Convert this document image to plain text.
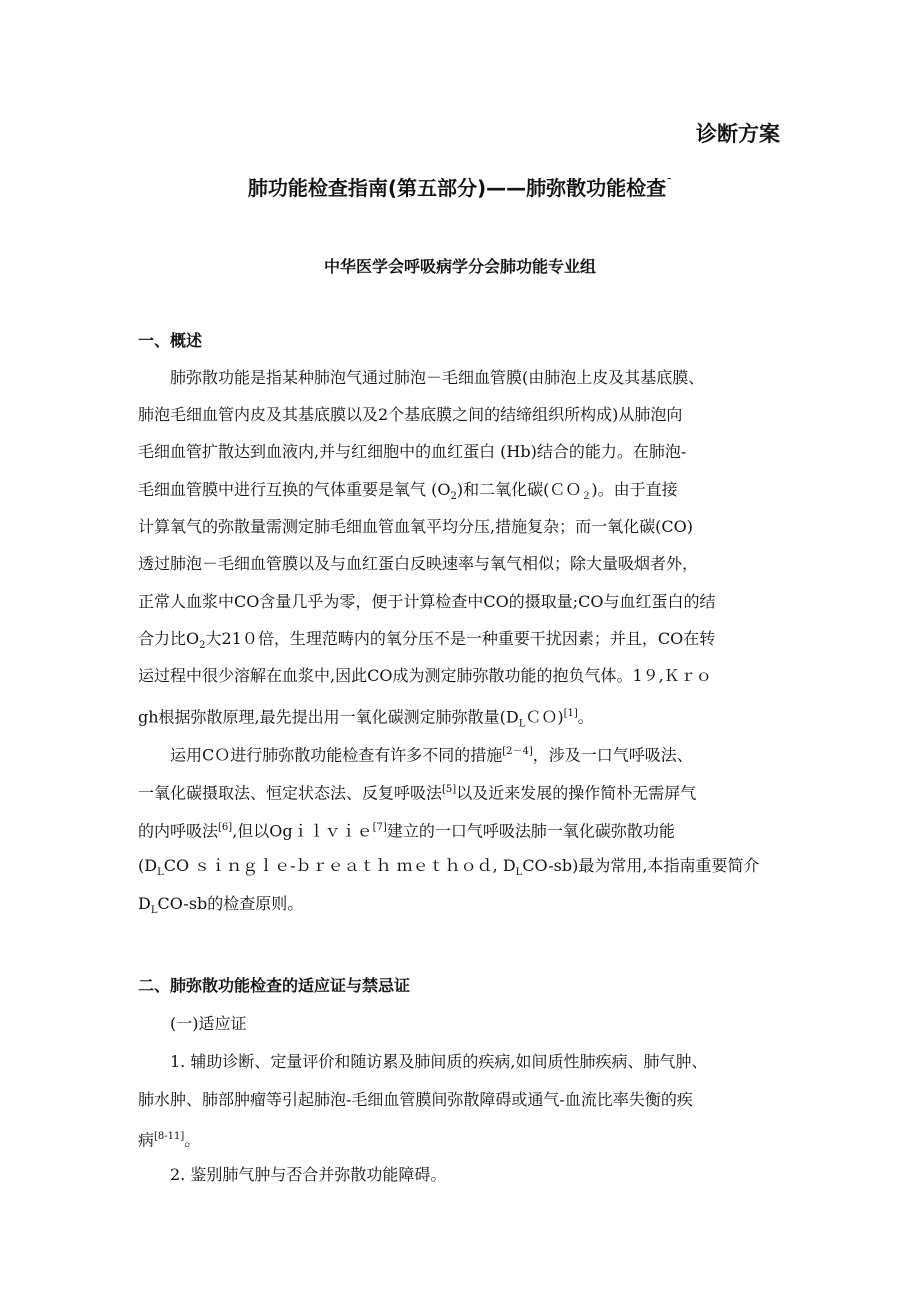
诊断方案
肺功能检查指南(第五部分)——肺弥散功能检查¯
中华医学会呼吸病学分会肺功能专业组
一、概述
肺弥散功能是指某种肺泡气通过肺泡－毛细血管膜(由肺泡上皮及其基底膜、
肺泡毛细血管内皮及其基底膜以及2个基底膜之间的结缔组织所构成)从肺泡向
毛细血管扩散达到血液内,并与红细胞中的血红蛋白 (Hb)结合的能力。在肺泡-
毛细血管膜中进行互换的气体重要是氧气 $(O_2)$和二氧化碳(ＣＯ$_2$)。由于直接
计算氧气的弥散量需测定肺毛细血管血氧平均分压,措施复杂；而一氧化碳(CO)
透过肺泡－毛细血管膜以及与血红蛋白反映速率与氧气相似；除大量吸烟者外，
正常人血浆中CO含量几乎为零，便于计算检查中CO的摄取量;CO与血红蛋白的结
合力比$O_2$大21０倍，生理范畴内的氧分压不是一种重要干扰因素；并且，CO在转
运过程中很少溶解在血浆中,因此CO成为测定肺弥散功能的抱负气体。1９,Ｋｒｏ
gh根据弥散原理,最先提出用一氧化碳测定肺弥散量$(D_LCO)[1]$。
运用CＯ进行肺弥散功能检查有许多不同的措施[2－4]，涉及一口气呼吸法、
一氧化碳摄取法、恒定状态法、反复呼吸法[5]以及近来发展的操作简朴无需屏气
的内呼吸法[6],但以Ogｉｌｖｉｅ[7]建立的一口气呼吸法肺一氧化碳弥散功能
($D_LCO$ ｓｉｎｇｌｅ-ｂｒｅａｔｈ ｍｅｔｈｏｄ, $D_LCO-sb$)最为常用,本指南重要简介
$D_LCO-sb$的检查原则。
二、肺弥散功能检查的适应证与禁忌证
(一)适应证
1. 辅助诊断、定量评价和随访累及肺间质的疾病,如间质性肺疾病、肺气肿、
肺水肿、肺部肿瘤等引起肺泡-毛细血管膜间弥散障碍或通气-血流比率失衡的疾
病[8-11]。
2. 鉴别肺气肿与否合并弥散功能障碍。
